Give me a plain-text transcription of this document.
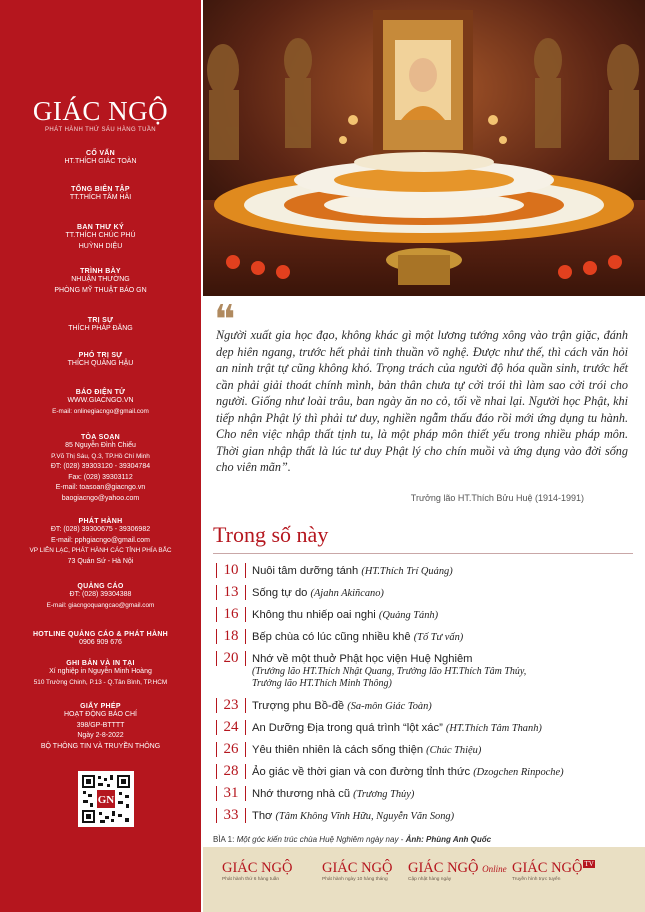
GIÁC NGỘ
PHÁT HÀNH THỨ SÁU HÀNG TUẦN
CỐ VẤN
HT.THÍCH GIÁC TOÀN
TỔNG BIÊN TẬP
TT.THÍCH TÂM HẢI
BAN THƯ KÝ
TT.THÍCH CHÚC PHÚ
HUỲNH DIỆU
TRÌNH BÀY
NHUẬN THƯỜNG
PHÒNG MỸ THUẬT BÁO GN
TRỊ SỰ
THÍCH PHÁP ĐĂNG
PHÓ TRỊ SỰ
THÍCH QUẢNG HẬU
BÁO ĐIỆN TỬ
WWW.GIACNGO.VN
E-mail: onlinegiacngo@gmail.com
TÒA SOẠN
85 Nguyễn Đình Chiểu
P.Võ Thị Sáu, Q.3, TP.Hồ Chí Minh
ĐT: (028) 39303120 - 39304784
Fax: (028) 39303112
E-mail: toasoan@giacngo.vn
baogiacngo@yahoo.com
PHÁT HÀNH
ĐT: (028) 39300675 - 39306982
E-mail: pphgiacngo@gmail.com
VP LIÊN LẠC, PHÁT HÀNH CÁC TỈNH PHÍA BẮC
73 Quán Sứ - Hà Nội
QUẢNG CÁO
ĐT: (028) 39304388
E-mail: giacngoquangcao@gmail.com
HOTLINE QUẢNG CÁO & PHÁT HÀNH
0906 909 676
GHI BẢN VÀ IN TẠI
Xí nghiệp in Nguyễn Minh Hoàng
510 Trường Chinh, P.13 - Q.Tân Bình, TP.HCM
GIẤY PHÉP
HOẠT ĐỘNG BÁO CHÍ
398/GP-BTTTT
Ngày 2-8-2022
BỘ THÔNG TIN VÀ TRUYỀN THÔNG
GN
❝
Người xuất gia học đạo, không khác gì một lương tướng xông vào trận giặc, đánh dẹp hiên ngang, trước hết phải tinh thuần võ nghệ. Được như thế, thì cách văn hỏi an ninh trật tự cũng không khó. Trọng trách của người độ hóa quần sinh, trước hết cần phải giải thoát chính mình, bản thân chưa tự cởi trói thì làm sao cởi trói cho người. Giống như loài trâu, ban ngày ăn no cỏ, tối về nhai lại. Người học Phật, khi tiếp nhận Phật lý thì phải tư duy, nghiền ngẫm thấu đáo rồi mới ứng dụng tu hành. Cho nên việc nhập thất tịnh tu, là một pháp môn thiết yếu trong nhiều pháp môn. Thời gian nhập thất là lúc tư duy Phật lý cho chín muồi và ứng dụng vào đời sống cho viên mãn”.
Trưởng lão HT.Thích Bửu Huệ (1914-1991)
Trong số này
10 Nuôi tâm dưỡng tánh (HT.Thích Trí Quảng)
13 Sống tự do (Ajahn Akiñcano)
16 Không thu nhiếp oai nghi (Quảng Tánh)
18 Bếp chùa có lúc cũng nhiều khê (Tố Tư vấn)
20 Nhớ về một thuở Phật học viện Huệ Nghiêm
(Trưởng lão HT.Thích Nhật Quang, Trưởng lão HT.Thích Tâm Thủy,
Trưởng lão HT.Thích Minh Thông)
23 Trượng phu Bồ-đề (Sa-môn Giác Toàn)
24 An Dưỡng Địa trong quá trình “lột xác” (HT.Thích Tâm Thanh)
26 Yêu thiên nhiên là cách sống thiện (Chúc Thiệu)
28 Ảo giác về thời gian và con đường tỉnh thức (Dzogchen Rinpoche)
31 Nhớ thương nhà cũ (Trương Thủy)
33 Thơ (Tâm Không Vĩnh Hữu, Nguyễn Văn Song)
BÌA 1: Một góc kiến trúc chùa Huệ Nghiêm ngày nay - Ảnh: Phùng Anh Quốc
GIÁC NGỘ
Phát hành thứ 6 hàng tuần
GIÁC NGỘ
Phát hành ngày 10 hàng tháng
GIÁC NGỘ Online
Cập nhật hàng ngày
GIÁC NGỘ $^{TV}$
Truyền hình trực tuyến
